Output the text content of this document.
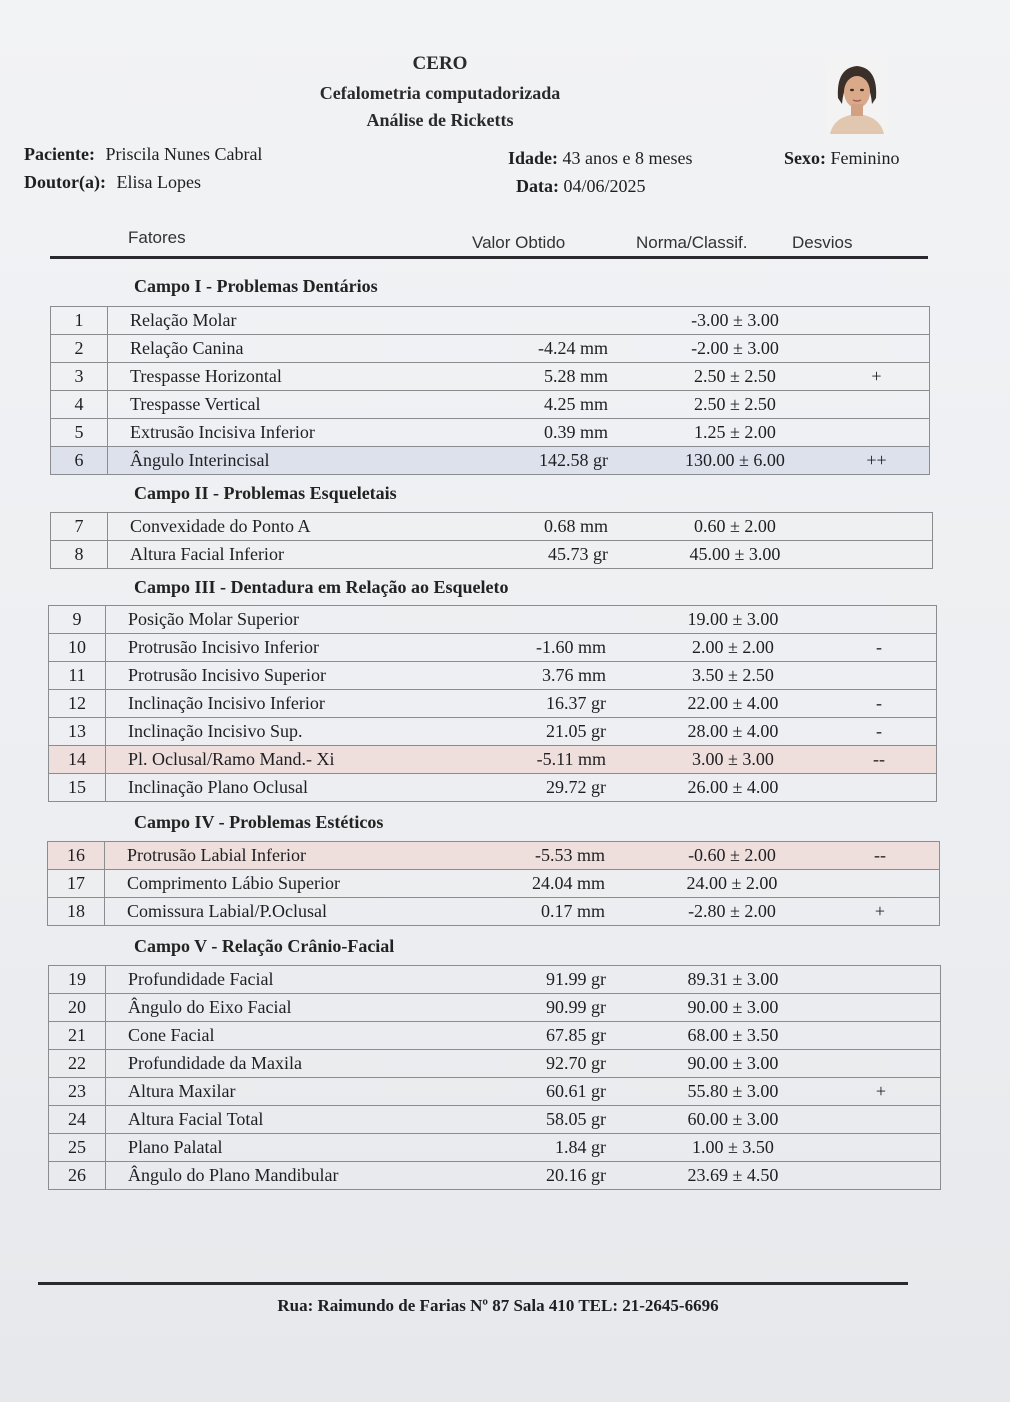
CERO
Cefalometria computadorizada
Análise de Ricketts
Paciente: Priscila Nunes Cabral
Doutor(a): Elisa Lopes
Idade: 43 anos e 8 meses
Data: 04/06/2025
Sexo: Feminino
Fatores	Valor Obtido	Norma/Classif.	Desvios
Campo I - Problemas Dentários
1	Relação Molar		-3.00 ± 3.00	
2	Relação Canina	-4.24 mm	-2.00 ± 3.00	
3	Trespasse Horizontal	5.28 mm	2.50 ± 2.50	+
4	Trespasse Vertical	4.25 mm	2.50 ± 2.50	
5	Extrusão Incisiva Inferior	0.39 mm	1.25 ± 2.00	
6	Ângulo Interincisal	142.58 gr	130.00 ± 6.00	++
Campo II - Problemas Esqueletais
7	Convexidade do Ponto A	0.68 mm	0.60 ± 2.00	
8	Altura Facial Inferior	45.73 gr	45.00 ± 3.00	
Campo III - Dentadura em Relação ao Esqueleto
9	Posição Molar Superior		19.00 ± 3.00	
10	Protrusão Incisivo Inferior	-1.60 mm	2.00 ± 2.00	-
11	Protrusão Incisivo Superior	3.76 mm	3.50 ± 2.50	
12	Inclinação Incisivo Inferior	16.37 gr	22.00 ± 4.00	-
13	Inclinação Incisivo Sup.	21.05 gr	28.00 ± 4.00	-
14	Pl. Oclusal/Ramo Mand.- Xi	-5.11 mm	3.00 ± 3.00	--
15	Inclinação Plano Oclusal	29.72 gr	26.00 ± 4.00	
Campo IV - Problemas Estéticos
16	Protrusão Labial Inferior	-5.53 mm	-0.60 ± 2.00	--
17	Comprimento Lábio Superior	24.04 mm	24.00 ± 2.00	
18	Comissura Labial/P.Oclusal	0.17 mm	-2.80 ± 2.00	+
Campo V - Relação Crânio-Facial
19	Profundidade Facial	91.99 gr	89.31 ± 3.00	
20	Ângulo do Eixo Facial	90.99 gr	90.00 ± 3.00	
21	Cone Facial	67.85 gr	68.00 ± 3.50	
22	Profundidade da Maxila	92.70 gr	90.00 ± 3.00	
23	Altura Maxilar	60.61 gr	55.80 ± 3.00	+
24	Altura Facial Total	58.05 gr	60.00 ± 3.00	
25	Plano Palatal	1.84 gr	1.00 ± 3.50	
26	Ângulo do Plano Mandibular	20.16 gr	23.69 ± 4.50	
Rua: Raimundo de Farias Nº 87 Sala 410 TEL: 21-2645-6696
